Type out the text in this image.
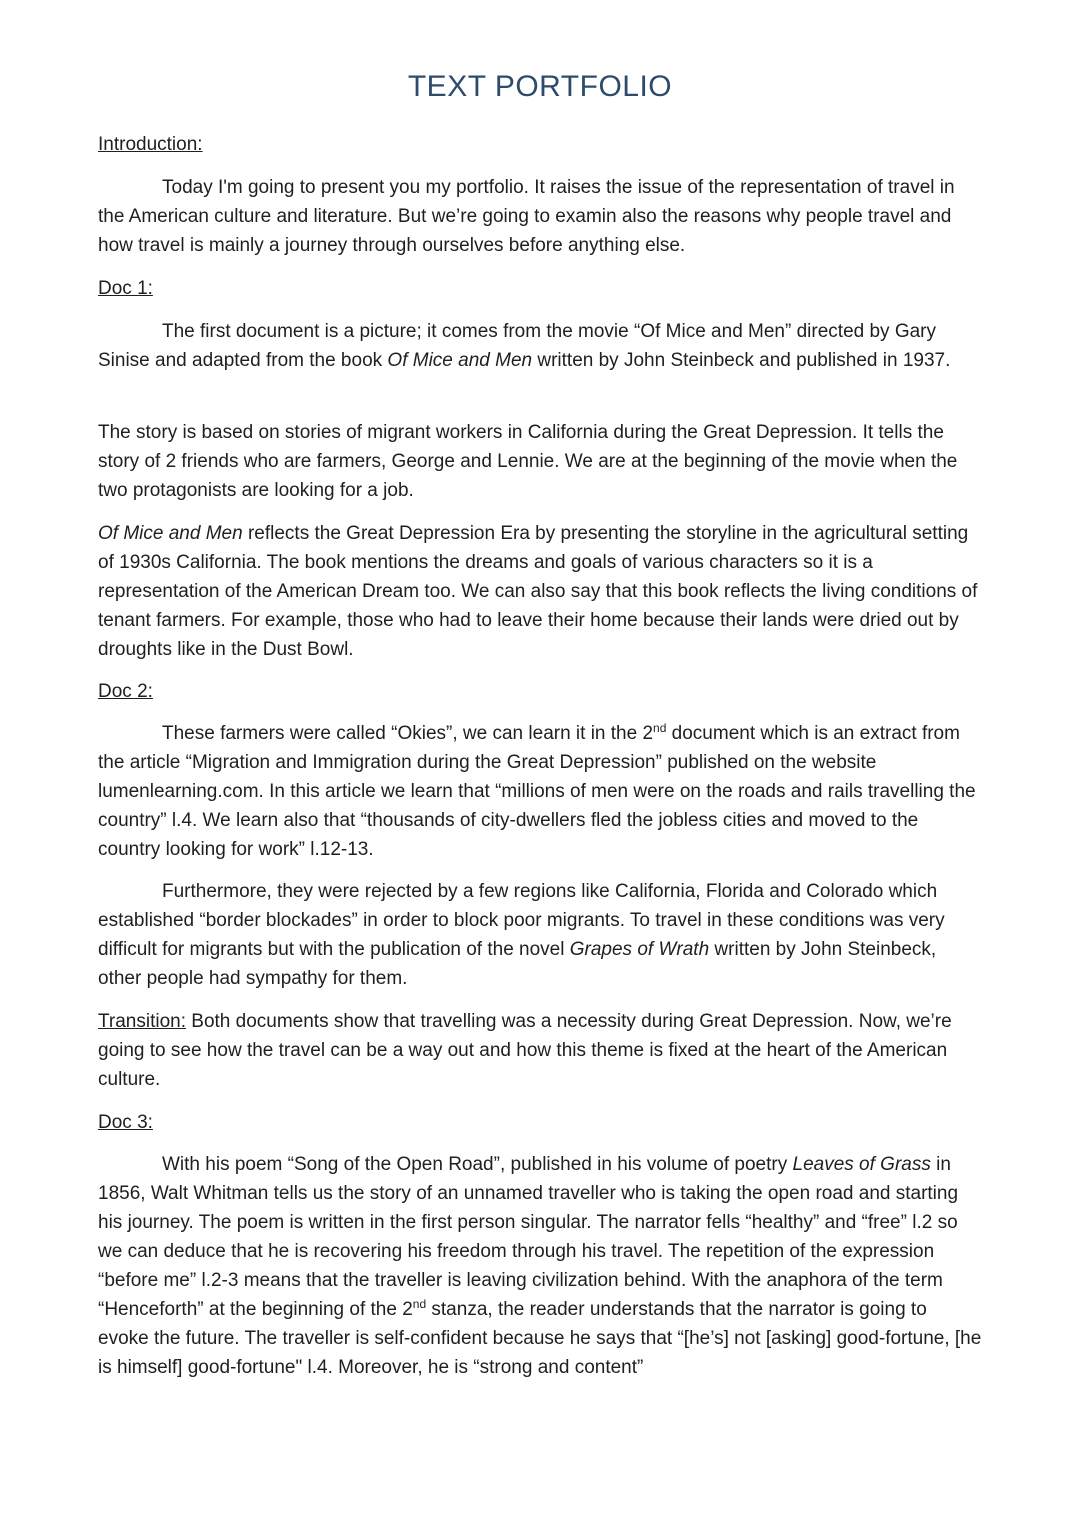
TEXT PORTFOLIO
Introduction:
Today I'm going to present you my portfolio. It raises the issue of the representation of travel in the American culture and literature. But we’re going to examin also the reasons why people travel and how travel is mainly a journey through ourselves before anything else.
Doc 1:
The first document is a picture; it comes from the movie “Of Mice and Men” directed by Gary Sinise and adapted from the book Of Mice and Men written by John Steinbeck and published in 1937.
The story is based on stories of migrant workers in California during the Great Depression. It tells the story of 2 friends who are farmers, George and Lennie. We are at the beginning of the movie when the two protagonists are looking for a job.
Of Mice and Men reflects the Great Depression Era by presenting the storyline in the agricultural setting of 1930s California. The book mentions the dreams and goals of various characters so it is a representation of the American Dream too. We can also say that this book reflects the living conditions of tenant farmers. For example, those who had to leave their home because their lands were dried out by droughts like in the Dust Bowl.
Doc 2:
These farmers were called “Okies”, we can learn it in the 2nd document which is an extract from the article “Migration and Immigration during the Great Depression” published on the website lumenlearning.com. In this article we learn that “millions of men were on the roads and rails travelling the country” l.4. We learn also that “thousands of city-dwellers fled the jobless cities and moved to the country looking for work” l.12-13.
Furthermore, they were rejected by a few regions like California, Florida and Colorado which established “border blockades” in order to block poor migrants. To travel in these conditions was very difficult for migrants but with the publication of the novel Grapes of Wrath written by John Steinbeck, other people had sympathy for them.
Transition: Both documents show that travelling was a necessity during Great Depression. Now, we’re going to see how the travel can be a way out and how this theme is fixed at the heart of the American culture.
Doc 3:
With his poem “Song of the Open Road”, published in his volume of poetry Leaves of Grass in 1856, Walt Whitman tells us the story of an unnamed traveller who is taking the open road and starting his journey. The poem is written in the first person singular. The narrator fells “healthy” and “free” l.2 so we can deduce that he is recovering his freedom through his travel. The repetition of the expression “before me” l.2-3 means that the traveller is leaving civilization behind. With the anaphora of the term “Henceforth” at the beginning of the 2nd stanza, the reader understands that the narrator is going to evoke the future. The traveller is self-confident because he says that “[he’s] not [asking] good-fortune, [he is himself] good-fortune" l.4. Moreover, he is “strong and content”
